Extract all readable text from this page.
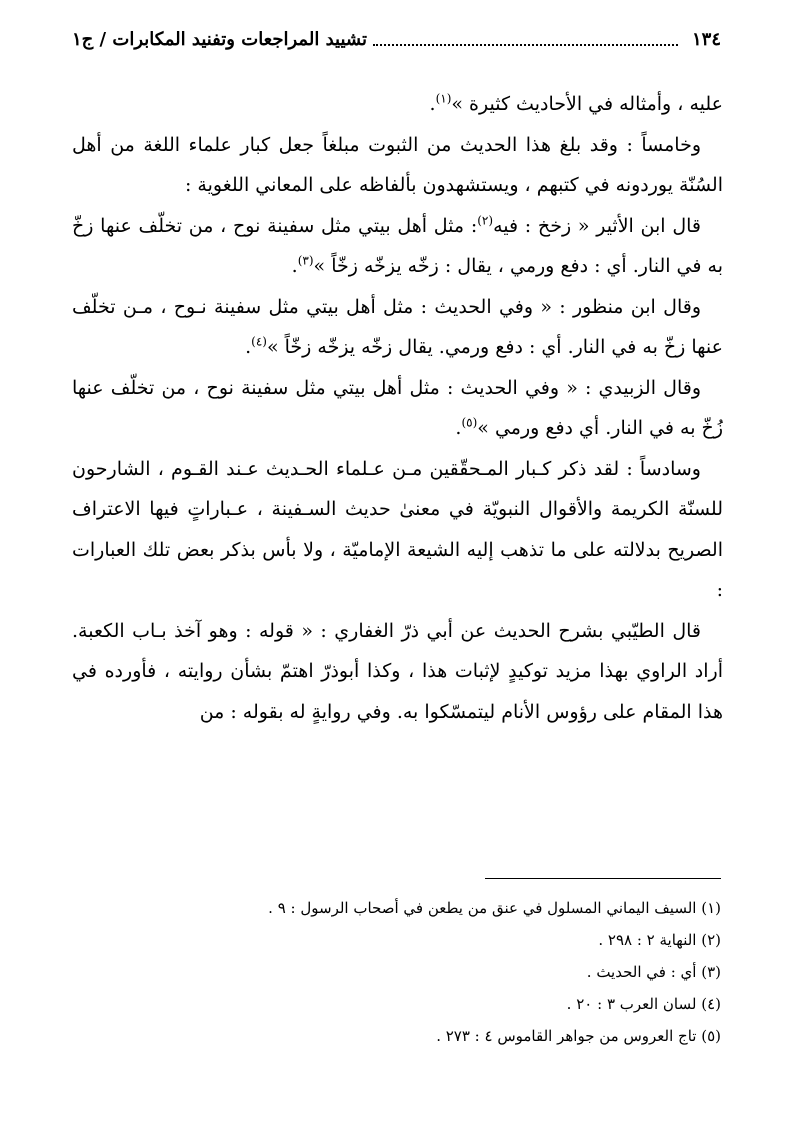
١٣٤
تشييد المراجعات وتفنيد المكابرات / ج١

عليه ، وأمثاله في الأحاديث كثيرة »$^{(١)}$.

وخامساً : وقد بلغ هذا الحديث من الثبوت مبلغاً جعل كبار علماء اللغة من أهل السُنّة يوردونه في كتبهم ، ويستشهدون بألفاظه على المعاني اللغوية :

قال ابن الأثير « زخخ : فيه$^{(٢)}$: مثل أهل بيتي مثل سفينة نوح ، من تخلّف عنها زخّ به في النار. أي : دفع ورمي ، يقال : زخّه يزخّه زخّاً »$^{(٣)}$.

وقال ابن منظور : « وفي الحديث : مثل أهل بيتي مثل سفينة نـوح ، مـن تخلّف عنها زخّ به في النار. أي : دفع ورمي. يقال زخّه يزخّه زخّاً »$^{(٤)}$.

وقال الزبيدي : « وفي الحديث : مثل أهل بيتي مثل سفينة نوح ، من تخلّف عنها زُخّ به في النار. أي دفع ورمي »$^{(٥)}$.

وسادساً : لقد ذكر كـبار المـحقّقين مـن عـلماء الحـديث عـند القـوم ، الشارحون للسنّة الكريمة والأقوال النبويّة في معنىٰ حديث السـفينة ، عـباراتٍ فيها الاعتراف الصريح بدلالته على ما تذهب إليه الشيعة الإماميّة ، ولا بأس بذكر بعض تلك العبارات :

قال الطيّبي بشرح الحديث عن أبي ذرّ الغفاري : « قوله : وهو آخذ بـاب الكعبة. أراد الراوي بهذا مزيد توكيدٍ لإثبات هذا ، وكذا أبوذرّ اهتمّ بشأن روايته ، فأورده في هذا المقام على رؤوس الأنام ليتمسّكوا به. وفي روايةٍ له بقوله : من

(١) السيف اليماني المسلول في عنق من يطعن في أصحاب الرسول : ٩ .

(٢) النهاية ٢ : ٢٩٨ .

(٣) أي : في الحديث .

(٤) لسان العرب ٣ : ٢٠ .

(٥) تاج العروس من جواهر القاموس ٤ : ٢٧٣ .
